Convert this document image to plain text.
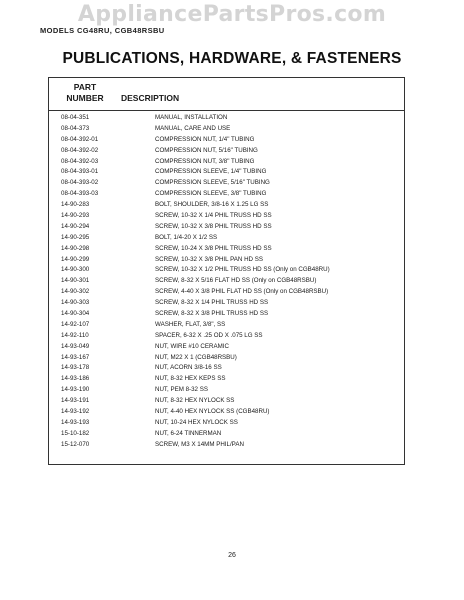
AppliancePartsPros.com
MODELS CG48RU, CGB48RSBU
PUBLICATIONS, HARDWARE, & FASTENERS
PART
NUMBER	DESCRIPTION
08-04-351	MANUAL, INSTALLATION
08-04-373	MANUAL, CARE AND USE
08-04-392-01	COMPRESSION NUT, 1/4" TUBING
08-04-392-02	COMPRESSION NUT, 5/16" TUBING
08-04-392-03	COMPRESSION NUT, 3/8" TUBING
08-04-393-01	COMPRESSION SLEEVE, 1/4" TUBING
08-04-393-02	COMPRESSION SLEEVE, 5/16" TUBING
08-04-393-03	COMPRESSION SLEEVE, 3/8" TUBING
14-90-283	BOLT, SHOULDER, 3/8-16 X 1.25 LG SS
14-90-293	SCREW, 10-32 X 1/4 PHIL TRUSS HD SS
14-90-294	SCREW, 10-32 X 3/8 PHIL TRUSS HD SS
14-90-295	BOLT, 1/4-20 X 1/2 SS
14-90-298	SCREW, 10-24 X 3/8 PHIL TRUSS HD SS
14-90-299	SCREW, 10-32 X 3/8 PHIL PAN HD SS
14-90-300	SCREW, 10-32 X 1/2 PHIL TRUSS HD SS (Only on CGB48RU)
14-90-301	SCREW, 8-32 X 5/16 FLAT HD SS (Only on CGB48RSBU)
14-90-302	SCREW, 4-40 X 3/8 PHIL FLAT HD SS (Only on CGB48RSBU)
14-90-303	SCREW, 8-32 X 1/4 PHIL TRUSS HD SS
14-90-304	SCREW, 8-32 X 3/8 PHIL TRUSS HD SS
14-92-107	WASHER, FLAT, 3/8", SS
14-92-110	SPACER, 6-32 X .25 OD X .075 LG SS
14-93-049	NUT, WIRE #10 CERAMIC
14-93-167	NUT, M22 X 1 (CGB48RSBU)
14-93-178	NUT, ACORN 3/8-16 SS
14-93-186	NUT, 8-32 HEX KEPS SS
14-93-190	NUT, PEM 8-32 SS
14-93-191	NUT, 8-32 HEX NYLOCK SS
14-93-192	NUT, 4-40 HEX NYLOCK SS (CGB48RU)
14-93-193	NUT, 10-24 HEX NYLOCK SS
15-10-182	NUT, 6-24 TINNERMAN
15-12-070	SCREW, M3 X 14MM PHIL/PAN
26
